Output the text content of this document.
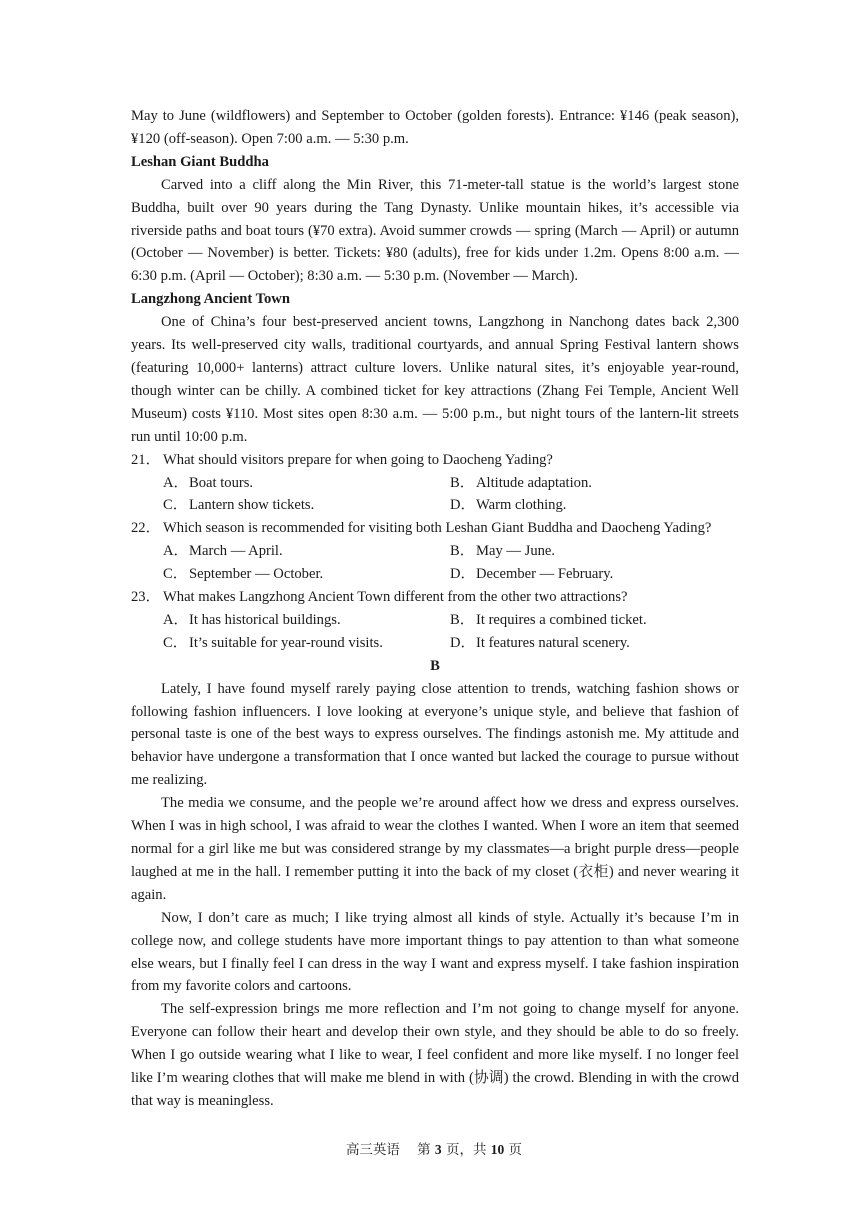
May to June (wildflowers) and September to October (golden forests). Entrance: ¥146 (peak season), ¥120 (off-season). Open 7:00 a.m. — 5:30 p.m.

Leshan Giant Buddha

Carved into a cliff along the Min River, this 71-meter-tall statue is the world’s largest stone Buddha, built over 90 years during the Tang Dynasty. Unlike mountain hikes, it’s accessible via riverside paths and boat tours (¥70 extra). Avoid summer crowds — spring (March — April) or autumn (October — November) is better. Tickets: ¥80 (adults), free for kids under 1.2m. Opens 8:00 a.m. — 6:30 p.m. (April — October); 8:30 a.m. — 5:30 p.m. (November — March).

Langzhong Ancient Town

One of China’s four best-preserved ancient towns, Langzhong in Nanchong dates back 2,300 years. Its well-preserved city walls, traditional courtyards, and annual Spring Festival lantern shows (featuring 10,000+ lanterns) attract culture lovers. Unlike natural sites, it’s enjoyable year-round, though winter can be chilly. A combined ticket for key attractions (Zhang Fei Temple, Ancient Well Museum) costs ¥110. Most sites open 8:30 a.m. — 5:00 p.m., but night tours of the lantern-lit streets run until 10:00 p.m.

21． What should visitors prepare for when going to Daocheng Yading?
A． Boat tours.	B． Altitude adaptation.
C． Lantern show tickets.	D． Warm clothing.
22． Which season is recommended for visiting both Leshan Giant Buddha and Daocheng Yading?
A． March — April.	B． May — June.
C． September — October.	D． December — February.
23． What makes Langzhong Ancient Town different from the other two attractions?
A． It has historical buildings.	B． It requires a combined ticket.
C． It’s suitable for year-round visits.	D． It features natural scenery.

B

Lately, I have found myself rarely paying close attention to trends, watching fashion shows or following fashion influencers. I love looking at everyone’s unique style, and believe that fashion of personal taste is one of the best ways to express ourselves. The findings astonish me. My attitude and behavior have undergone a transformation that I once wanted but lacked the courage to pursue without me realizing.

The media we consume, and the people we’re around affect how we dress and express ourselves. When I was in high school, I was afraid to wear the clothes I wanted. When I wore an item that seemed normal for a girl like me but was considered strange by my classmates—a bright purple dress—people laughed at me in the hall. I remember putting it into the back of my closet (衣柜) and never wearing it again.

Now, I don’t care as much; I like trying almost all kinds of style. Actually it’s because I’m in college now, and college students have more important things to pay attention to than what someone else wears, but I finally feel I can dress in the way I want and express myself. I take fashion inspiration from my favorite colors and cartoons.

The self-expression brings me more reflection and I’m not going to change myself for anyone. Everyone can follow their heart and develop their own style, and they should be able to do so freely. When I go outside wearing what I like to wear, I feel confident and more like myself. I no longer feel like I’m wearing clothes that will make me blend in with (协调) the crowd. Blending in with the crowd that way is meaningless.

高三英语 第 3 页，共 10 页
